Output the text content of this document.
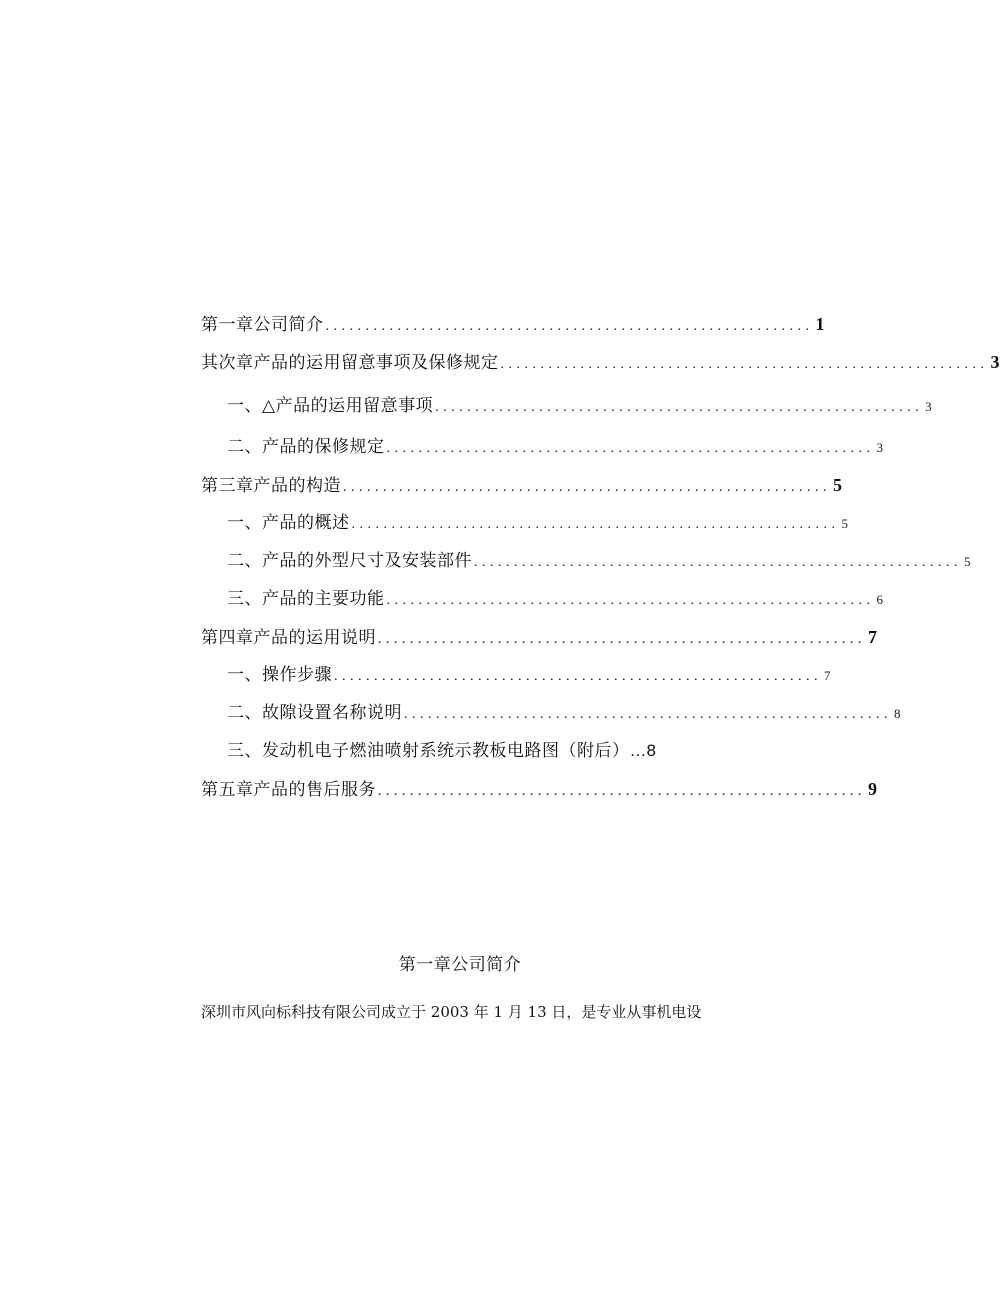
第一章公司简介 ............................................................. 1
其次章产品的运用留意事项及保修规定 ............................................................. 3
一、△产品的运用留意事项 ............................................................. 3
二、产品的保修规定 ............................................................. 3
第三章产品的构造 ............................................................. 5
一、产品的概述 ............................................................. 5
二、产品的外型尺寸及安装部件 ............................................................. 5
三、产品的主要功能 ............................................................. 6
第四章产品的运用说明 ............................................................. 7
一、操作步骤 ............................................................. 7
二、故隙设置名称说明 ............................................................. 8
三、发动机电子燃油喷射系统示教板电路图（附后） …8
第五章产品的售后服务 ............................................................. 9
第一章公司简介
深圳市风向标科技有限公司成立于 2003 年 1 月 13 日，是专业从事机电设
